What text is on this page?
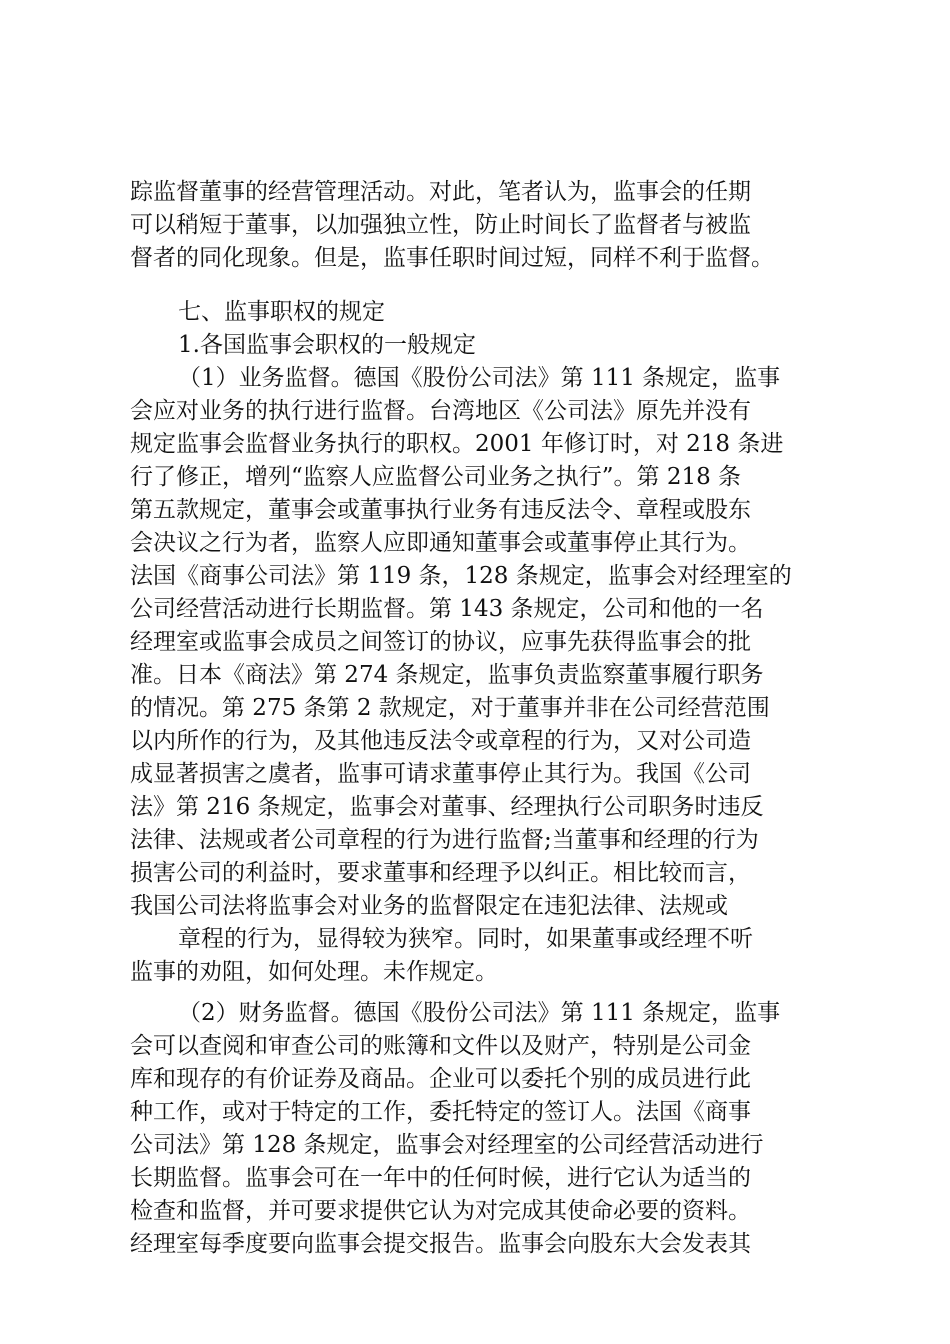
踪监督董事的经营管理活动。对此，笔者认为，监事会的任期
可以稍短于董事，以加强独立性，防止时间长了监督者与被监
督者的同化现象。但是，监事任职时间过短，同样不利于监督。
七、监事职权的规定
1.各国监事会职权的一般规定
（1）业务监督。德国《股份公司法》第 111 条规定，监事
会应对业务的执行进行监督。台湾地区《公司法》原先并没有
规定监事会监督业务执行的职权。2001 年修订时，对 218 条进
行了修正，增列“监察人应监督公司业务之执行”。第 218 条
第五款规定，董事会或董事执行业务有违反法令、章程或股东
会决议之行为者，监察人应即通知董事会或董事停止其行为。
法国《商事公司法》第 119 条，128 条规定，监事会对经理室的
公司经营活动进行长期监督。第 143 条规定，公司和他的一名
经理室或监事会成员之间签订的协议，应事先获得监事会的批
准。日本《商法》第 274 条规定，监事负责监察董事履行职务
的情况。第 275 条第 2 款规定，对于董事并非在公司经营范围
以内所作的行为，及其他违反法令或章程的行为，又对公司造
成显著损害之虞者，监事可请求董事停止其行为。我国《公司
法》第 216 条规定，监事会对董事、经理执行公司职务时违反
法律、法规或者公司章程的行为进行监督;当董事和经理的行为
损害公司的利益时，要求董事和经理予以纠正。相比较而言，
我国公司法将监事会对业务的监督限定在违犯法律、法规或
章程的行为，显得较为狭窄。同时，如果董事或经理不听
监事的劝阻，如何处理。未作规定。
（2）财务监督。德国《股份公司法》第 111 条规定，监事
会可以查阅和审查公司的账簿和文件以及财产，特别是公司金
库和现存的有价证券及商品。企业可以委托个别的成员进行此
种工作，或对于特定的工作，委托特定的签订人。法国《商事
公司法》第 128 条规定，监事会对经理室的公司经营活动进行
长期监督。监事会可在一年中的任何时候，进行它认为适当的
检查和监督，并可要求提供它认为对完成其使命必要的资料。
经理室每季度要向监事会提交报告。监事会向股东大会发表其
